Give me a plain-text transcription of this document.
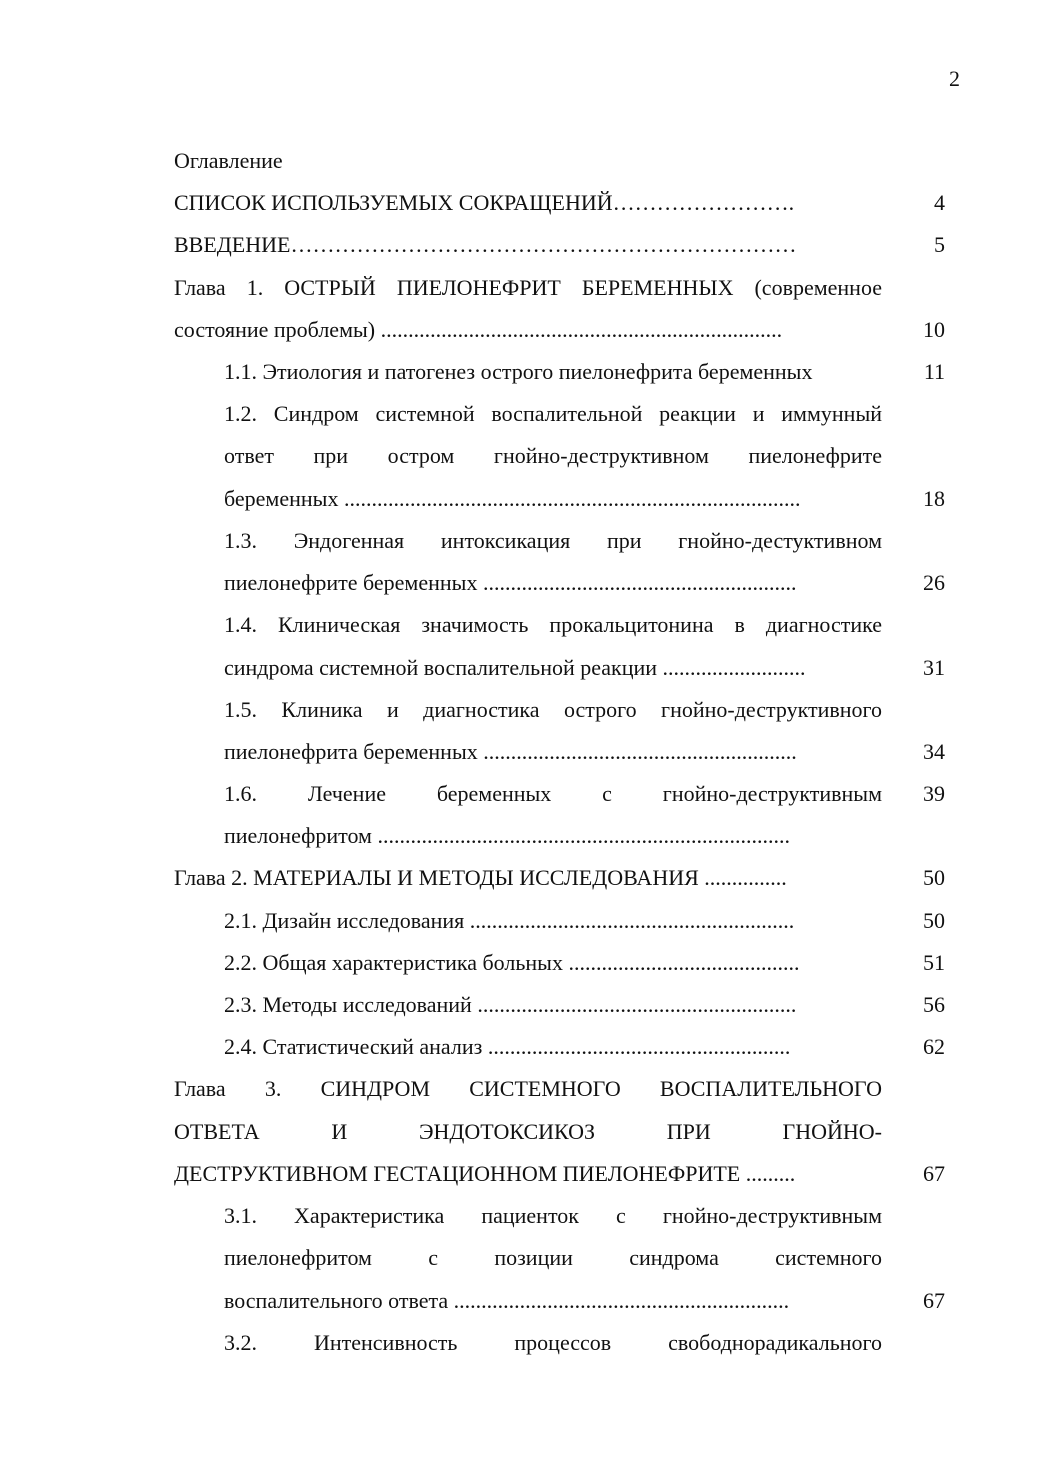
2
Оглавление
СПИСОК ИСПОЛЬЗУЕМЫХ СОКРАЩЕНИЙ…………………….	4
ВВЕДЕНИЕ……………………………………………………………	5
Глава 1. ОСТРЫЙ ПИЕЛОНЕФРИТ БЕРЕМЕННЫХ (современное
состояние проблемы) .........................................................................	10
1.1. Этиология и патогенез острого пиелонефрита беременных	11
1.2. Синдром системной воспалительной реакции и иммунный
ответ при остром гнойно-деструктивном пиелонефрите
беременных ...................................................................................	18
1.3. Эндогенная интоксикация при гнойно-дестуктивном
пиелонефрите беременных .........................................................	26
1.4. Клиническая значимость прокальцитонина в диагностике
синдрома системной воспалительной реакции ..........................	31
1.5. Клиника и диагностика острого гнойно-деструктивного
пиелонефрита беременных .........................................................	34
1.6. Лечение беременных с гнойно-деструктивным	39
пиелонефритом ...........................................................................
Глава 2. МАТЕРИАЛЫ И МЕТОДЫ ИССЛЕДОВАНИЯ ...............	50
2.1. Дизайн исследования ...........................................................	50
2.2. Общая характеристика больных ..........................................	51
2.3. Методы исследований ..........................................................	56
2.4. Статистический анализ .......................................................	62
Глава 3. СИНДРОМ СИСТЕМНОГО ВОСПАЛИТЕЛЬНОГО
ОТВЕТА И ЭНДОТОКСИКОЗ ПРИ ГНОЙНО-
ДЕСТРУКТИВНОМ ГЕСТАЦИОННОМ ПИЕЛОНЕФРИТЕ .........	67
3.1. Характеристика пациенток с гнойно-деструктивным
пиелонефритом с позиции синдрома системного
воспалительного ответа .............................................................	67
3.2. Интенсивность процессов свободнорадикального
